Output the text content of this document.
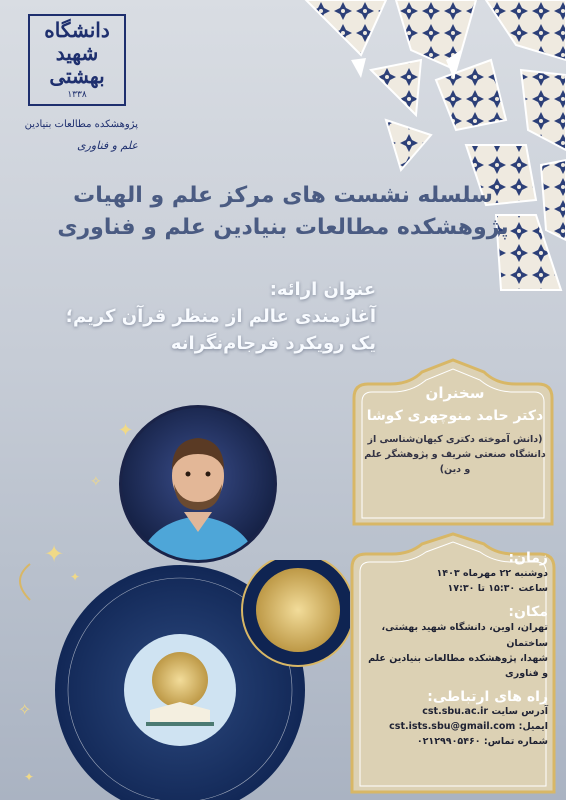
دانشگاه
شهید بهشتی
۱۳۳۸
پژوهشکده مطالعات بنیادین
علم و فناوری
سلسله نشست های مرکز علم و الهیات
پژوهشکده مطالعات بنیادین علم و فناوری
عنوان ارائه:
آغازمندی عالم از منظر قرآن کریم؛
یک رویکرد فرجام‌نگرانه
سخنران
دکتر حامد منوچهری کوشا
(دانش آموخته دکتری کیهان‌شناسی از
دانشگاه صنعتی شریف و پژوهشگر علم و دین)
زمان:
دوشنبه ۲۲ مهرماه ۱۴۰۳
ساعت ۱۵:۳۰ تا ۱۷:۳۰
مکان:
تهران، اوین، دانشگاه شهید بهشتی، ساختمان
شهدا، پژوهشکده مطالعات بنیادین علم و فناوری
راه های ارتباطی:
آدرس سایت cst.sbu.ac.ir
ایمیل: cst.ists.sbu@gmail.com
شماره تماس: ۰۲۱۲۹۹۰۵۴۶۰
✦
✦
✧
✦
✧
✦
